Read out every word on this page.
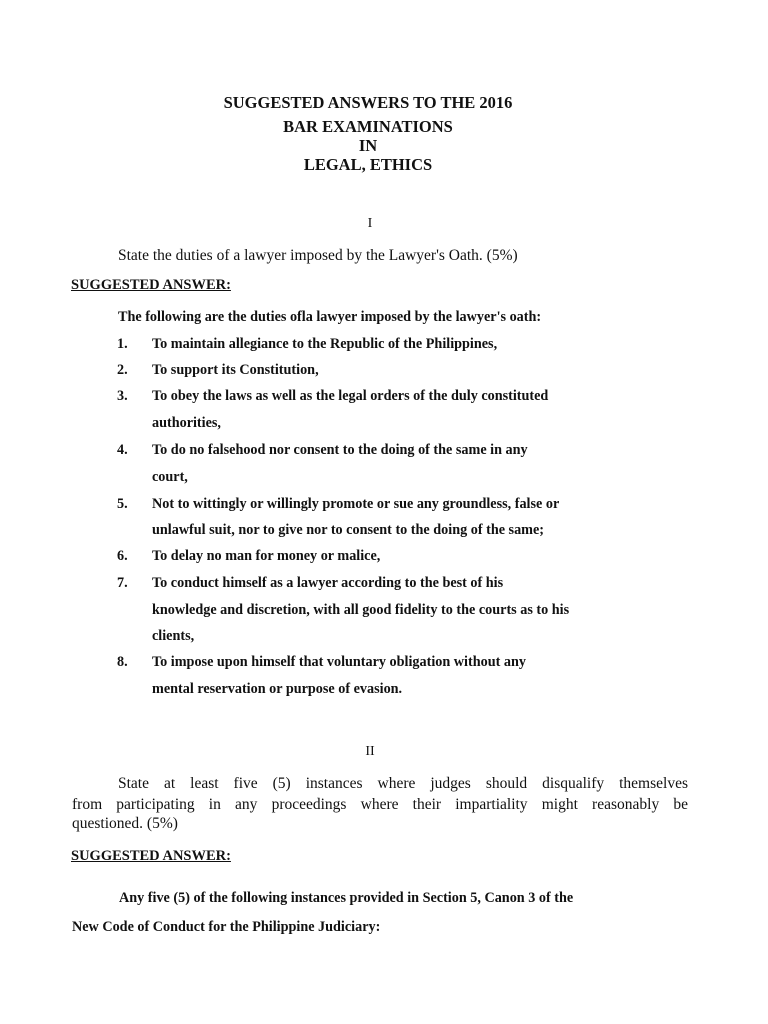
SUGGESTED ANSWERS TO THE 2016
BAR EXAMINATIONS
IN
LEGAL, ETHICS
I
State the duties of a lawyer imposed by the Lawyer's Oath. (5%)
SUGGESTED ANSWER:
The following are the duties ofla lawyer imposed by the lawyer's oath:
1. To maintain allegiance to the Republic of the Philippines,
2. To support its Constitution,
3. To obey the laws as well as the legal orders of the duly constituted
authorities,
4. To do no falsehood nor consent to the doing of the same in any
court,
5. Not to wittingly or willingly promote or sue any groundless, false or
unlawful suit, nor to give nor to consent to the doing of the same;
6. To delay no man for money or malice,
7. To conduct himself as a lawyer according to the best of his
knowledge and discretion, with all good fidelity to the courts as to his
clients,
8. To impose upon himself that voluntary obligation without any
mental reservation or purpose of evasion.
II
State at least five (5) instances where judges should disqualify themselves
from participating in any proceedings where their impartiality might reasonably be
questioned. (5%)
SUGGESTED ANSWER:
Any five (5) of the following instances provided in Section 5, Canon 3 of the
New Code of Conduct for the Philippine Judiciary:
